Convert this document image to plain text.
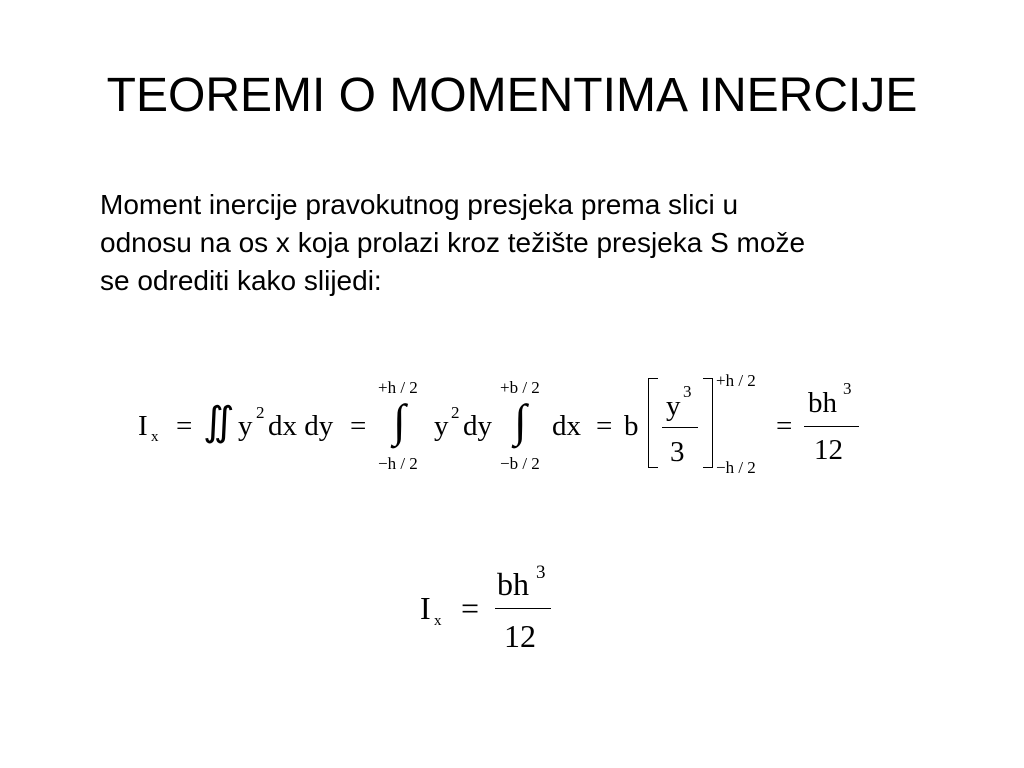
TEOREMI O MOMENTIMA INERCIJE
Moment inercije pravokutnog presjeka prema slici u
odnosu na os x koja prolazi kroz težište presjeka S može
se odrediti kako slijedi:
I x = ∬ y 2 dx dy =
+h / 2
∫
−h / 2
y 2 dy
+b / 2
∫
−b / 2
dx = b
y 3
3
+h / 2
−h / 2
=
bh 3
12
I x =
bh 3
12
